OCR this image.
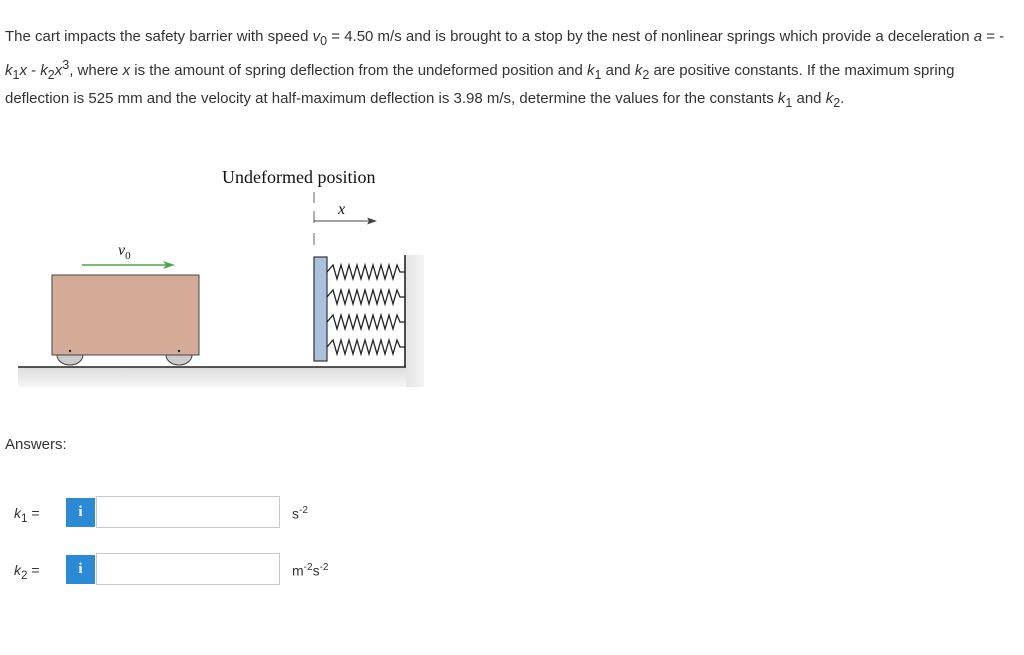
The cart impacts the safety barrier with speed $v_0 = 4.50$ m/s and is brought to a stop by the nest of nonlinear springs which provide a deceleration $a = -k_1x - k_2x^3$, where x is the amount of spring deflection from the undeformed position and $k_1$ and $k_2$ are positive constants. If the maximum spring deflection is 525 mm and the velocity at half-maximum deflection is 3.98 m/s, determine the values for the constants $k_1$ and $k_2$.

$v_0$
Undeformed position
x
Answers:
$k_1$ =	i	$s^{-2}$
$k_2$ =	i	$m^{-2}s^{-2}$
